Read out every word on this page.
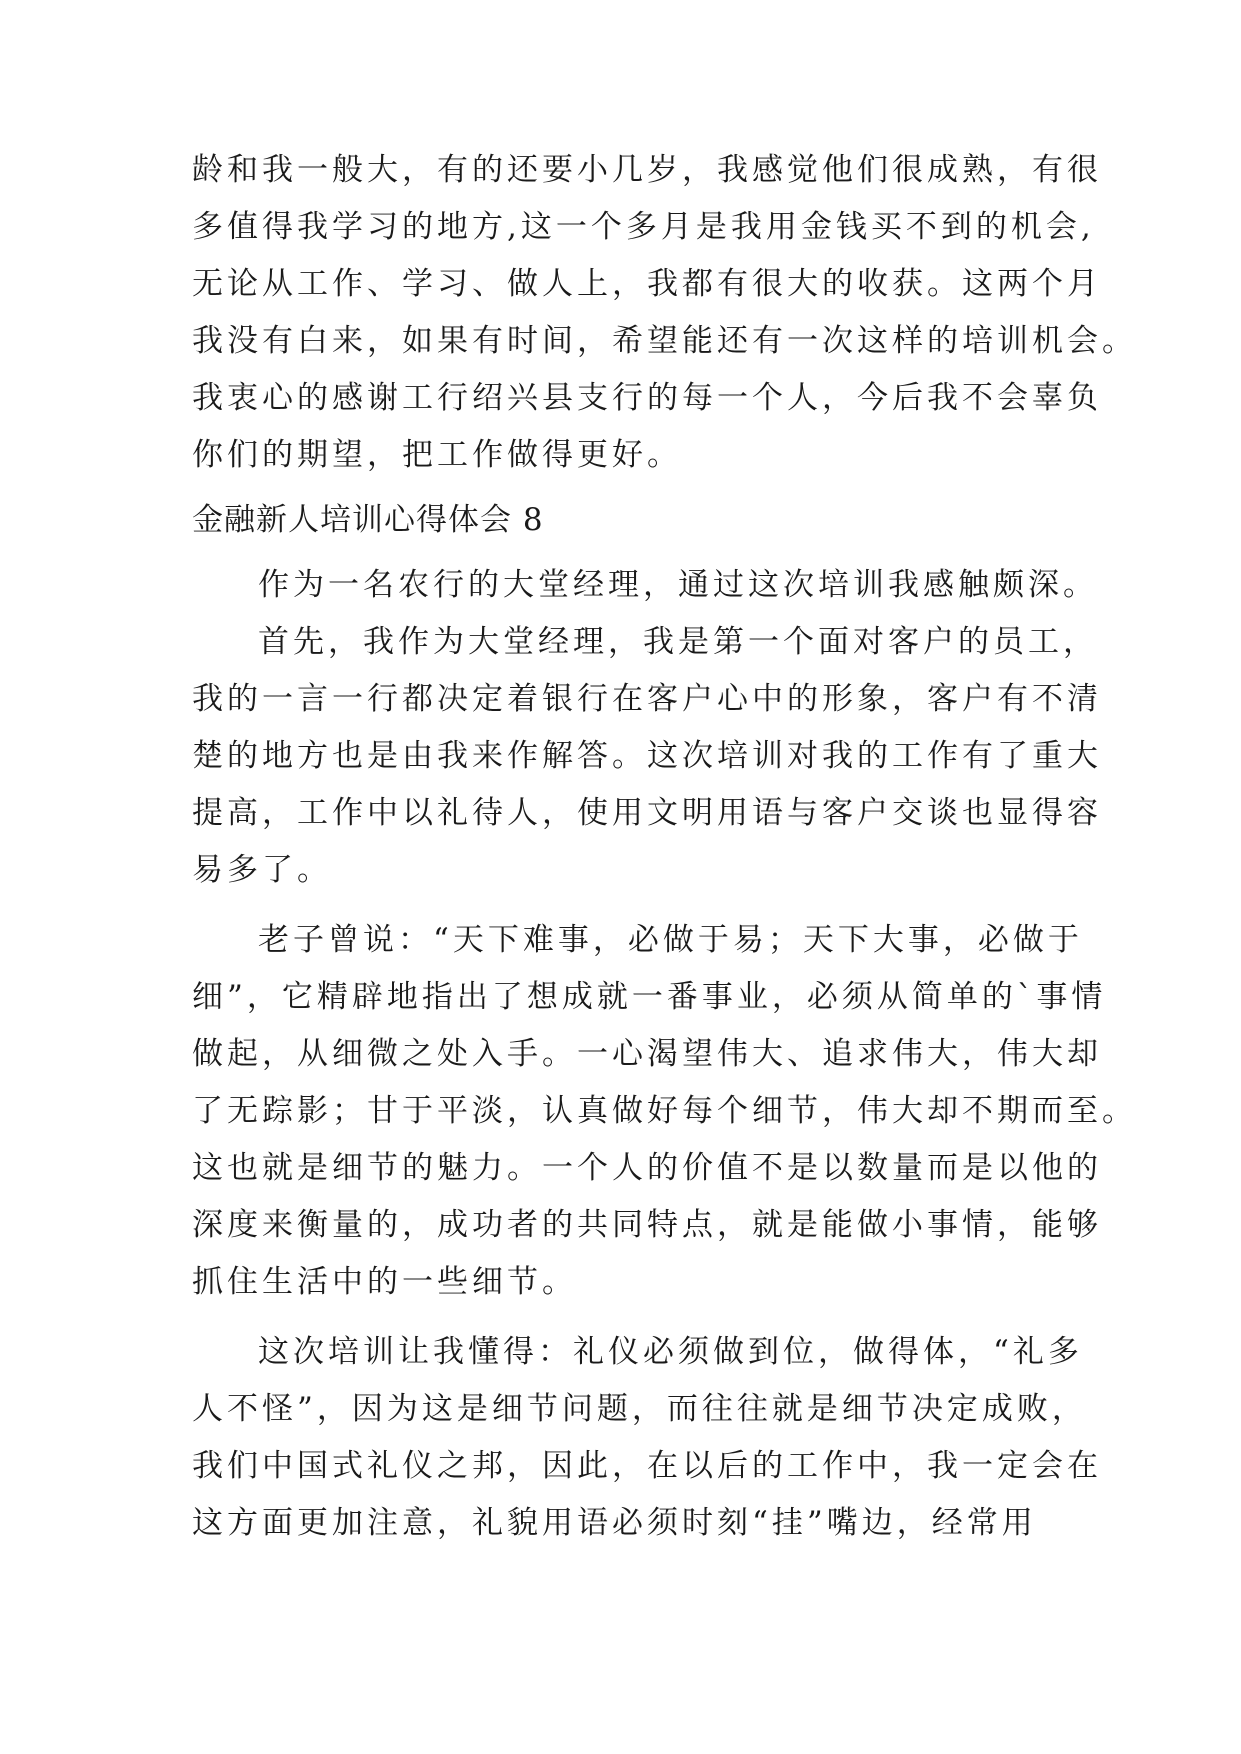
龄和我一般大，有的还要小几岁，我感觉他们很成熟，有很
多值得我学习的地方,这一个多月是我用金钱买不到的机会,
无论从工作、学习、做人上，我都有很大的收获。这两个月
我没有白来，如果有时间，希望能还有一次这样的培训机会。
我衷心的感谢工行绍兴县支行的每一个人，今后我不会辜负
你们的期望，把工作做得更好。
金融新人培训心得体会 8
作为一名农行的大堂经理，通过这次培训我感触颇深。
首先，我作为大堂经理，我是第一个面对客户的员工，
我的一言一行都决定着银行在客户心中的形象，客户有不清
楚的地方也是由我来作解答。这次培训对我的工作有了重大
提高，工作中以礼待人，使用文明用语与客户交谈也显得容
易多了。
老子曾说：“天下难事，必做于易；天下大事，必做于
细”，它精辟地指出了想成就一番事业，必须从简单的`事情
做起，从细微之处入手。一心渴望伟大、追求伟大，伟大却
了无踪影；甘于平淡，认真做好每个细节，伟大却不期而至。
这也就是细节的魅力。一个人的价值不是以数量而是以他的
深度来衡量的，成功者的共同特点，就是能做小事情，能够
抓住生活中的一些细节。
这次培训让我懂得：礼仪必须做到位，做得体，“礼多
人不怪”，因为这是细节问题，而往往就是细节决定成败，
我们中国式礼仪之邦，因此，在以后的工作中，我一定会在
这方面更加注意，礼貌用语必须时刻“挂”嘴边，经常用
